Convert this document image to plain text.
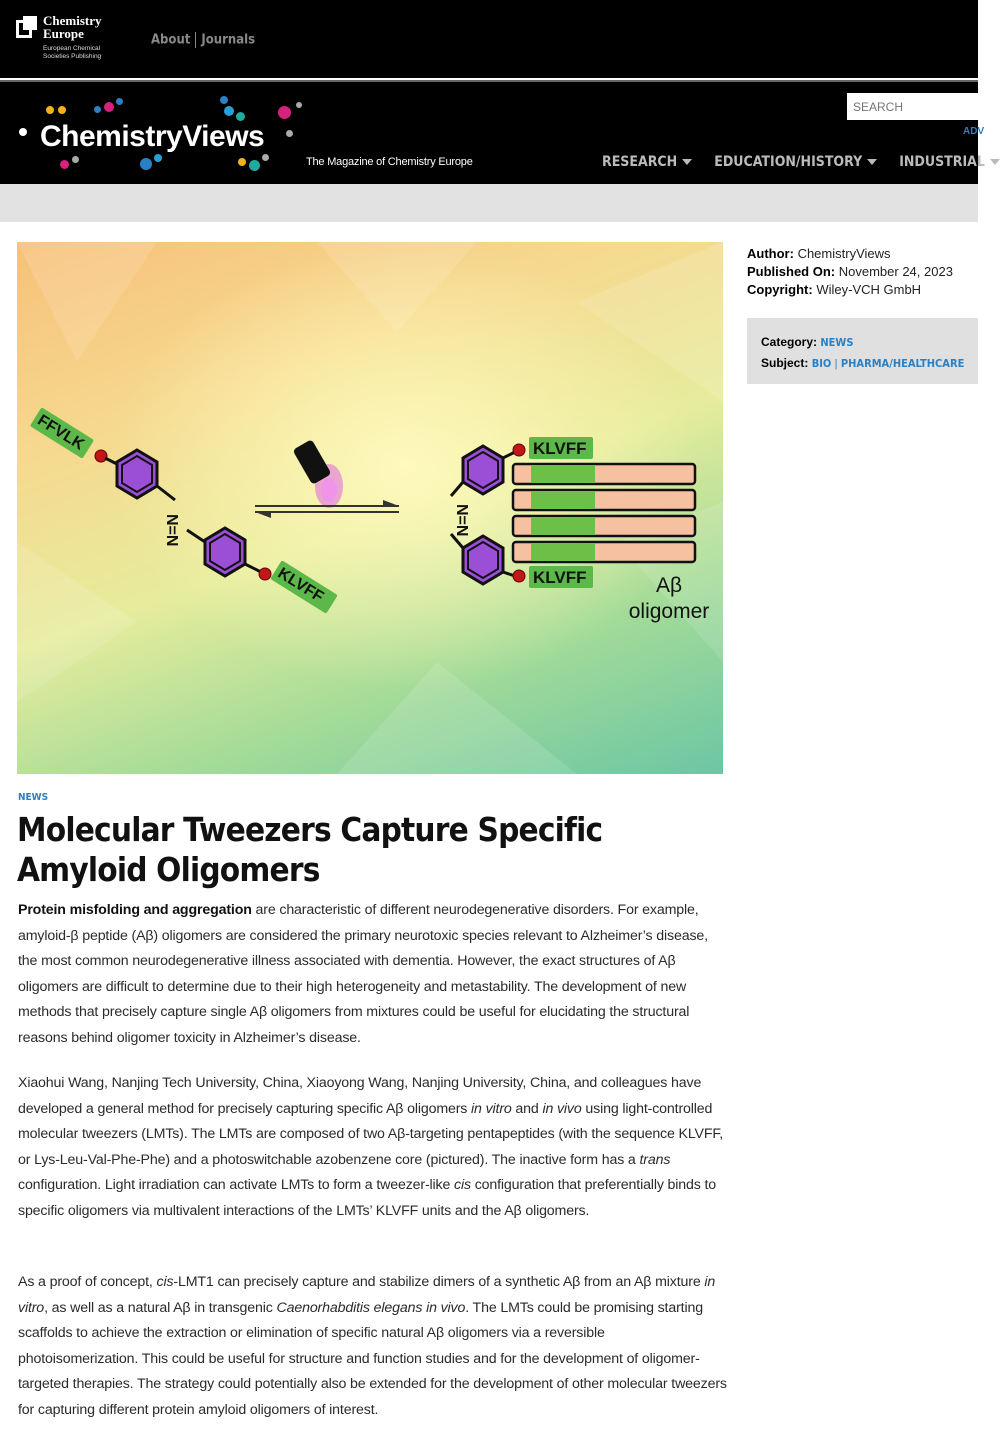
Chemistry
Europe
European Chemical Societies Publishing
About Journals
ChemistryViews
The Magazine of Chemistry Europe
SEARCH
ADV
RESEARCH	EDUCATION/HISTORY	INDUSTRIAL
FFVLK
N=N
KLVFF
KLVFF
N=N
KLVFF	Aβ
oligomer
Author: ChemistryViews
Published On: November 24, 2023
Copyright: Wiley-VCH GmbH
Category: NEWS
Subject: BIO | PHARMA/HEALTHCARE
NEWS
Molecular Tweezers Capture Specific Amyloid Oligomers

Protein misfolding and aggregation are characteristic of different neurodegenerative disorders. For example, amyloid-β peptide (Aβ) oligomers are considered the primary neurotoxic species relevant to Alzheimer’s disease, the most common neurodegenerative illness associated with dementia. However, the exact structures of Aβ oligomers are difficult to determine due to their high heterogeneity and metastability. The development of new methods that precisely capture single Aβ oligomers from mixtures could be useful for elucidating the structural reasons behind oligomer toxicity in Alzheimer’s disease.

Xiaohui Wang, Nanjing Tech University, China, Xiaoyong Wang, Nanjing University, China, and colleagues have developed a general method for precisely capturing specific Aβ oligomers in vitro and in vivo using light-controlled molecular tweezers (LMTs). The LMTs are composed of two Aβ-targeting pentapeptides (with the sequence KLVFF, or Lys-Leu-Val-Phe-Phe) and a photoswitchable azobenzene core (pictured). The inactive form has a trans configuration. Light irradiation can activate LMTs to form a tweezer-like cis configuration that preferentially binds to specific oligomers via multivalent interactions of the LMTs’ KLVFF units and the Aβ oligomers.

As a proof of concept, cis-LMT1 can precisely capture and stabilize dimers of a synthetic Aβ from an Aβ mixture in vitro, as well as a natural Aβ in transgenic Caenorhabditis elegans in vivo. The LMTs could be promising starting scaffolds to achieve the extraction or elimination of specific natural Aβ oligomers via a reversible photoisomerization. This could be useful for structure and function studies and for the development of oligomer-targeted therapies. The strategy could potentially also be extended for the development of other molecular tweezers for capturing different protein amyloid oligomers of interest.
